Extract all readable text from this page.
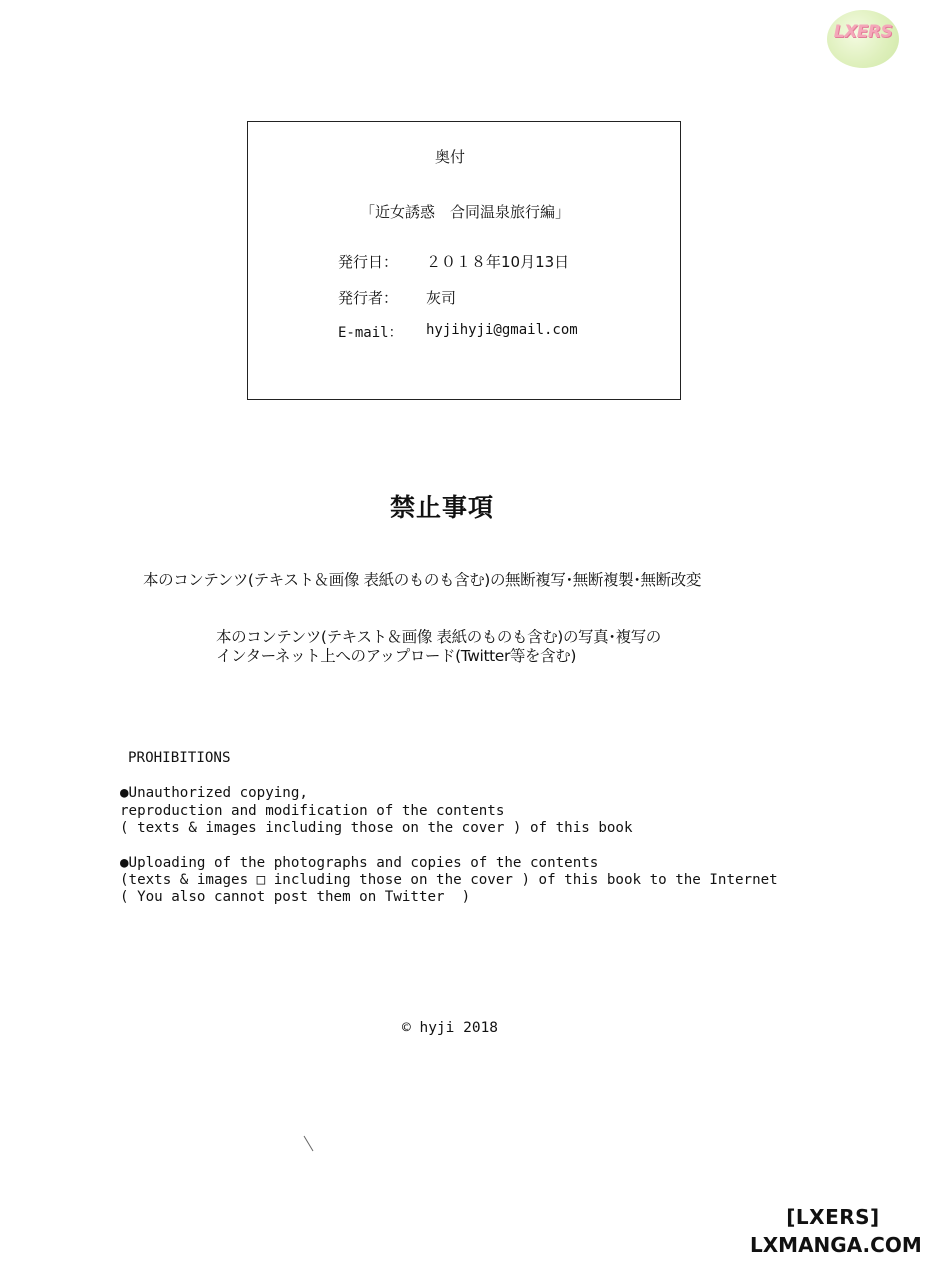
LXERS
奥付
「近女誘惑　合同温泉旅行編」
発行日： ２０１８年10月13日
発行者： 灰司
E-mail： hyjihyji@gmail.com
禁止事項
本のコンテンツ(テキスト＆画像 表紙のものも含む)の無断複写･無断複製･無断改変
本のコンテンツ(テキスト＆画像 表紙のものも含む)の写真･複写の
インターネット上へのアップロード(Twitter等を含む)
PROHIBITIONS
●Unauthorized copying,
reproduction and modification of the contents
( texts & images including those on the cover ) of this book
●Uploading of the photographs and copies of the contents
(texts & images □ including those on the cover ) of this book to the Internet
( You also cannot post them on Twitter  )
© hyji 2018
[LXERS]
LXMANGA.COM
